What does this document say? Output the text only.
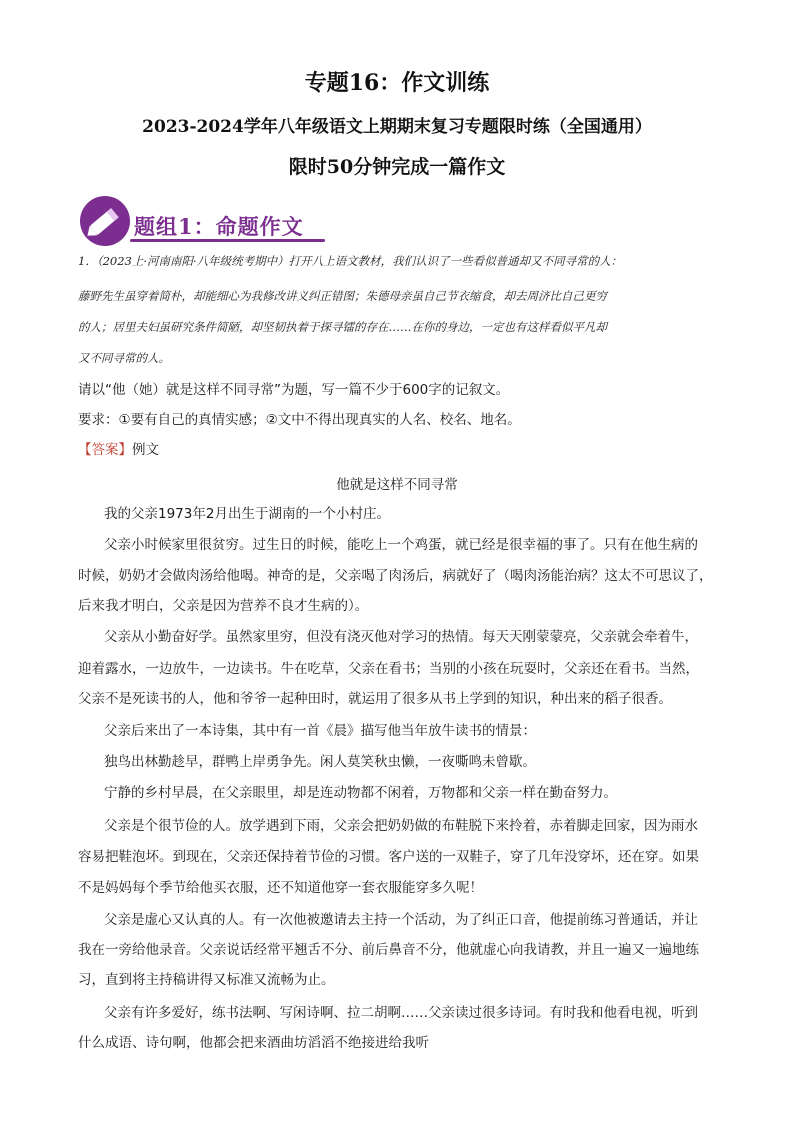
专题16：作文训练
2023-2024学年八年级语文上期期末复习专题限时练（全国通用）
限时50分钟完成一篇作文
题组1：命题作文
1．（2023上·河南南阳·八年级统考期中）打开八上语文教材，我们认识了一些看似普通却又不同寻常的人：
藤野先生虽穿着简朴，却能细心为我修改讲义纠正错图；朱德母亲虽自己节衣缩食，却去周济比自己更穷
的人；居里夫妇虽研究条件简陋，却坚韧执着于探寻镭的存在……在你的身边，一定也有这样看似平凡却
又不同寻常的人。
请以“他（她）就是这样不同寻常”为题，写一篇不少于600字的记叙文。
要求：①要有自己的真情实感；②文中不得出现真实的人名、校名、地名。
【答案】例文
他就是这样不同寻常
我的父亲1973年2月出生于湖南的一个小村庄。
父亲小时候家里很贫穷。过生日的时候，能吃上一个鸡蛋，就已经是很幸福的事了。只有在他生病的
时候，奶奶才会做肉汤给他喝。神奇的是，父亲喝了肉汤后，病就好了（喝肉汤能治病？这太不可思议了，
后来我才明白，父亲是因为营养不良才生病的）。
父亲从小勤奋好学。虽然家里穷，但没有浇灭他对学习的热情。每天天刚蒙蒙亮，父亲就会牵着牛，
迎着露水，一边放牛，一边读书。牛在吃草，父亲在看书；当别的小孩在玩耍时，父亲还在看书。当然，
父亲不是死读书的人，他和爷爷一起种田时，就运用了很多从书上学到的知识，种出来的稻子很香。
父亲后来出了一本诗集，其中有一首《晨》描写他当年放牛读书的情景：
独鸟出林勤趁早，群鸭上岸勇争先。闲人莫笑秋虫懒，一夜嘶鸣未曾歇。
宁静的乡村早晨，在父亲眼里，却是连动物都不闲着，万物都和父亲一样在勤奋努力。
父亲是个很节俭的人。放学遇到下雨，父亲会把奶奶做的布鞋脱下来拎着，赤着脚走回家，因为雨水
容易把鞋泡坏。到现在，父亲还保持着节俭的习惯。客户送的一双鞋子，穿了几年没穿坏，还在穿。如果
不是妈妈每个季节给他买衣服，还不知道他穿一套衣服能穿多久呢！
父亲是虚心又认真的人。有一次他被邀请去主持一个活动，为了纠正口音，他提前练习普通话，并让
我在一旁给他录音。父亲说话经常平翘舌不分、前后鼻音不分，他就虚心向我请教，并且一遍又一遍地练
习，直到将主持稿讲得又标准又流畅为止。
父亲有许多爱好，练书法啊、写闲诗啊、拉二胡啊……父亲读过很多诗词。有时我和他看电视，听到
什么成语、诗句啊，他都会把来酒曲坊滔滔不绝接进给我听
